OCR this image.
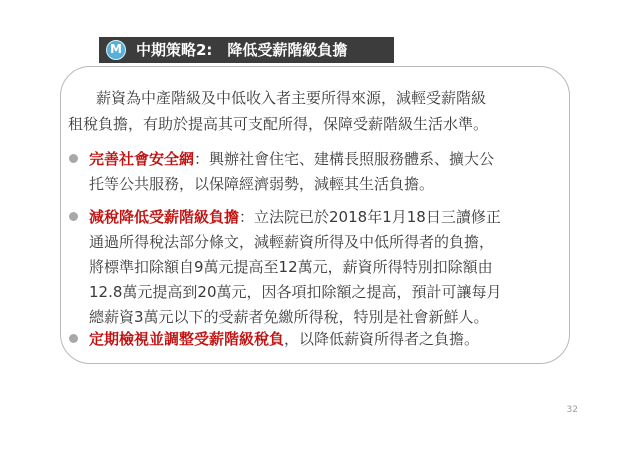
M 中期策略2:　降低受薪階級負擔
薪資為中產階級及中低收入者主要所得來源，減輕受薪階級
租稅負擔，有助於提高其可支配所得，保障受薪階級生活水準。
完善社會安全網：興辦社會住宅、建構長照服務體系、擴大公
托等公共服務，以保障經濟弱勢，減輕其生活負擔。
減稅降低受薪階級負擔：立法院已於2018年1月18日三讀修正
通過所得稅法部分條文，減輕薪資所得及中低所得者的負擔，
將標準扣除額自9萬元提高至12萬元，薪資所得特別扣除額由
12.8萬元提高到20萬元，因各項扣除額之提高，預計可讓每月
總薪資3萬元以下的受薪者免繳所得稅，特別是社會新鮮人。
定期檢視並調整受薪階級稅負，以降低薪資所得者之負擔。
32
